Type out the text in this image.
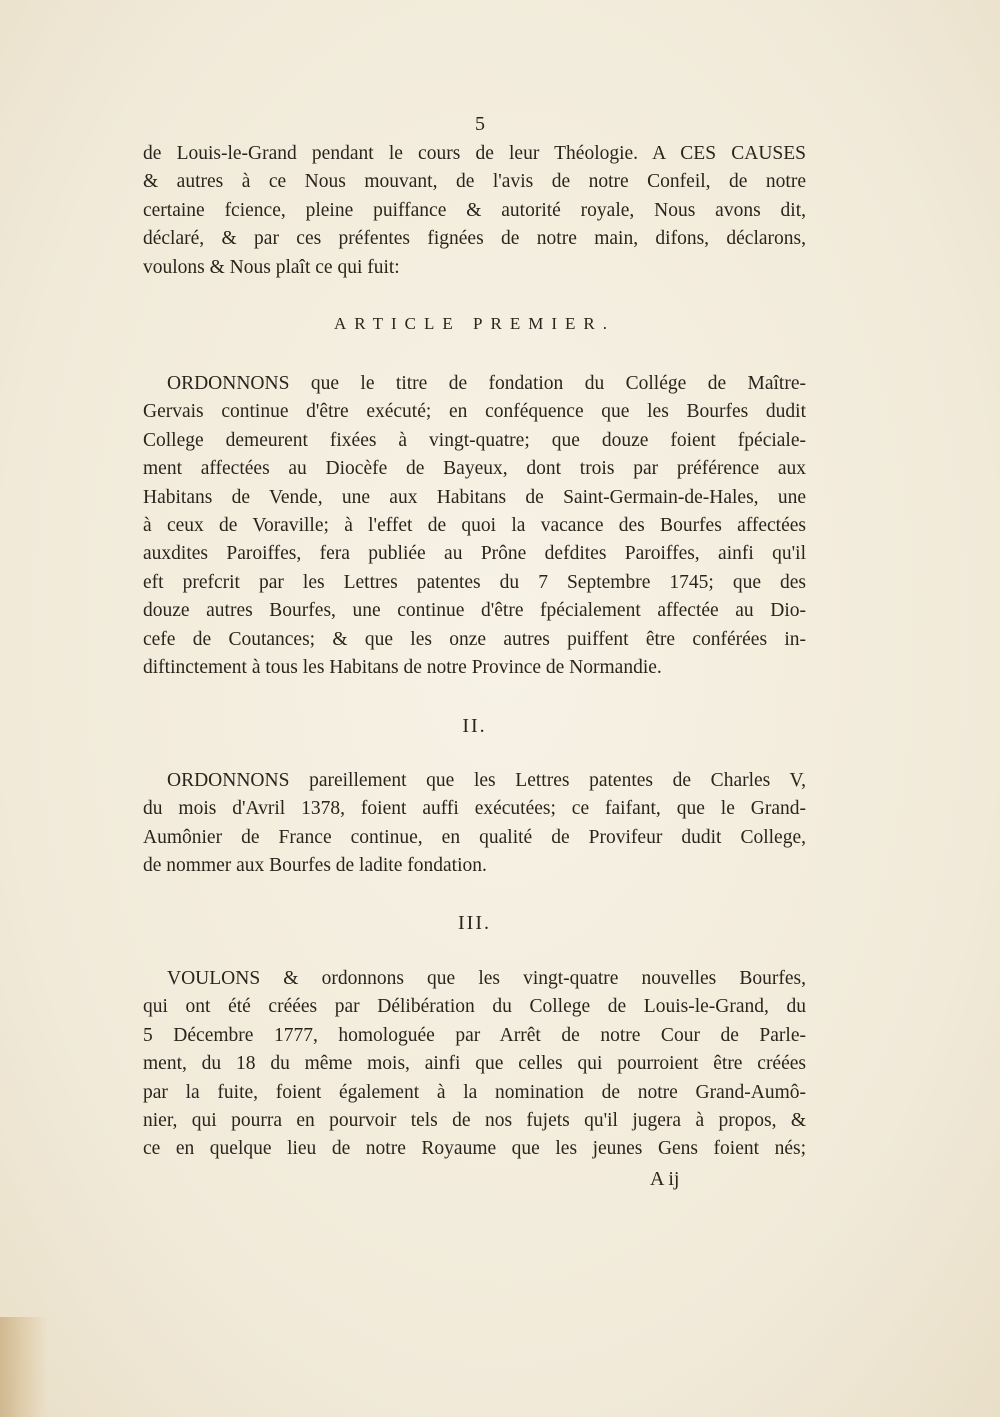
5
de Louis-le-Grand pendant le cours de leur Théologie. A CES CAUSES
& autres à ce Nous mouvant, de l'avis de notre Confeil, de notre
certaine fcience, pleine puiffance & autorité royale, Nous avons dit,
déclaré, & par ces préfentes fignées de notre main, difons, déclarons,
voulons & Nous plaît ce qui fuit:
ARTICLE PREMIER.
ORDONNONS que le titre de fondation du Collége de Maître-
Gervais continue d'être exécuté; en conféquence que les Bourfes dudit
College demeurent fixées à vingt-quatre; que douze foient fpéciale-
ment affectées au Diocèfe de Bayeux, dont trois par préférence aux
Habitans de Vende, une aux Habitans de Saint-Germain-de-Hales, une
à ceux de Voraville; à l'effet de quoi la vacance des Bourfes affectées
auxdites Paroiffes, fera publiée au Prône defdites Paroiffes, ainfi qu'il
eft prefcrit par les Lettres patentes du 7 Septembre 1745; que des
douze autres Bourfes, une continue d'être fpécialement affectée au Dio-
cefe de Coutances; & que les onze autres puiffent être conférées in-
diftinctement à tous les Habitans de notre Province de Normandie.
II.
ORDONNONS pareillement que les Lettres patentes de Charles V,
du mois d'Avril 1378, foient auffi exécutées; ce faifant, que le Grand-
Aumônier de France continue, en qualité de Provifeur dudit College,
de nommer aux Bourfes de ladite fondation.
III.
VOULONS & ordonnons que les vingt-quatre nouvelles Bourfes,
qui ont été créées par Délibération du College de Louis-le-Grand, du
5 Décembre 1777, homologuée par Arrêt de notre Cour de Parle-
ment, du 18 du même mois, ainfi que celles qui pourroient être créées
par la fuite, foient également à la nomination de notre Grand-Aumô-
nier, qui pourra en pourvoir tels de nos fujets qu'il jugera à propos, &
ce en quelque lieu de notre Royaume que les jeunes Gens foient nés;
A ij
